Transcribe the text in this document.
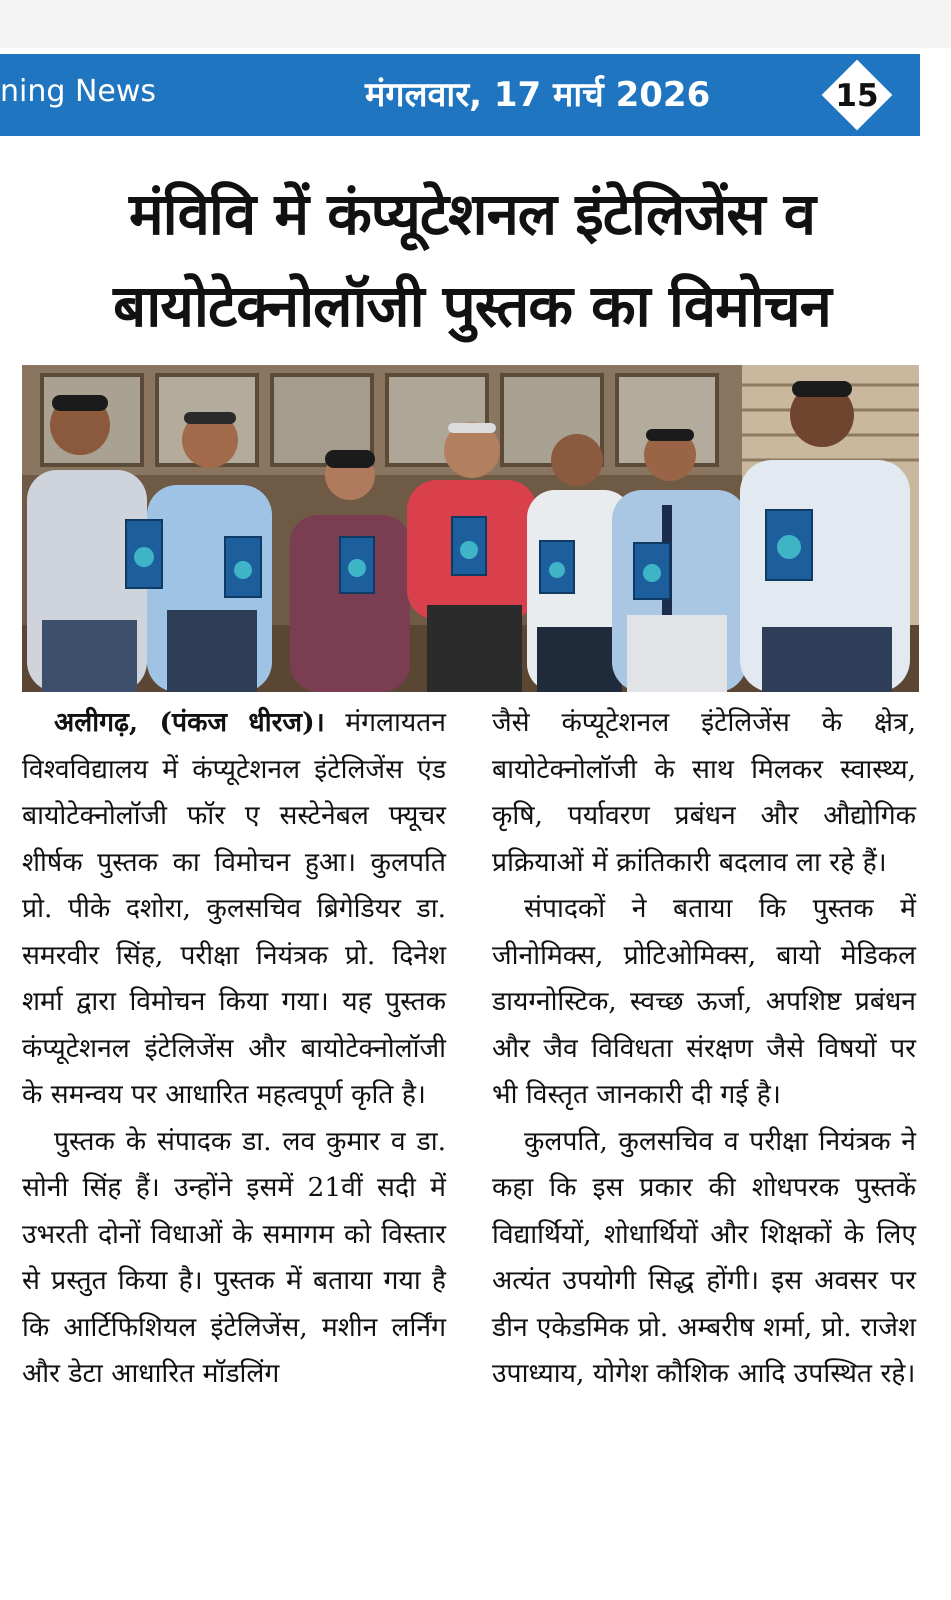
ning News	मंगलवार, 17 मार्च 2026	15
मंविवि में कंप्यूटेशनल इंटेलिजेंस व
बायोटेक्नोलॉजी पुस्तक का विमोचन

अलीगढ़, (पंकज धीरज)। मंगलायतन विश्वविद्यालय में कंप्यूटेशनल इंटेलिजेंस एंड बायोटेक्नोलॉजी फॉर ए सस्टेनेबल फ्यूचर शीर्षक पुस्तक का विमोचन हुआ। कुलपति प्रो. पीके दशोरा, कुलसचिव ब्रिगेडियर डा. समरवीर सिंह, परीक्षा नियंत्रक प्रो. दिनेश शर्मा द्वारा विमोचन किया गया। यह पुस्तक कंप्यूटेशनल इंटेलिजेंस और बायोटेक्नोलॉजी के समन्वय पर आधारित महत्वपूर्ण कृति है।

पुस्तक के संपादक डा. लव कुमार व डा. सोनी सिंह हैं। उन्होंने इसमें 21वीं सदी में उभरती दोनों विधाओं के समागम को विस्तार से प्रस्तुत किया है। पुस्तक में बताया गया है कि आर्टिफिशियल इंटेलिजेंस, मशीन लर्निंग और डेटा आधारित मॉडलिंग

जैसे कंप्यूटेशनल इंटेलिजेंस के क्षेत्र, बायोटेक्नोलॉजी के साथ मिलकर स्वास्थ्य, कृषि, पर्यावरण प्रबंधन और औद्योगिक प्रक्रियाओं में क्रांतिकारी बदलाव ला रहे हैं।

संपादकों ने बताया कि पुस्तक में जीनोमिक्स, प्रोटिओमिक्स, बायो मेडिकल डायग्नोस्टिक, स्वच्छ ऊर्जा, अपशिष्ट प्रबंधन और जैव विविधता संरक्षण जैसे विषयों पर भी विस्तृत जानकारी दी गई है।

कुलपति, कुलसचिव व परीक्षा नियंत्रक ने कहा कि इस प्रकार की शोधपरक पुस्तकें विद्यार्थियों, शोधार्थियों और शिक्षकों के लिए अत्यंत उपयोगी सिद्ध होंगी। इस अवसर पर डीन एकेडमिक प्रो. अम्बरीष शर्मा, प्रो. राजेश उपाध्याय, योगेश कौशिक आदि उपस्थित रहे।
